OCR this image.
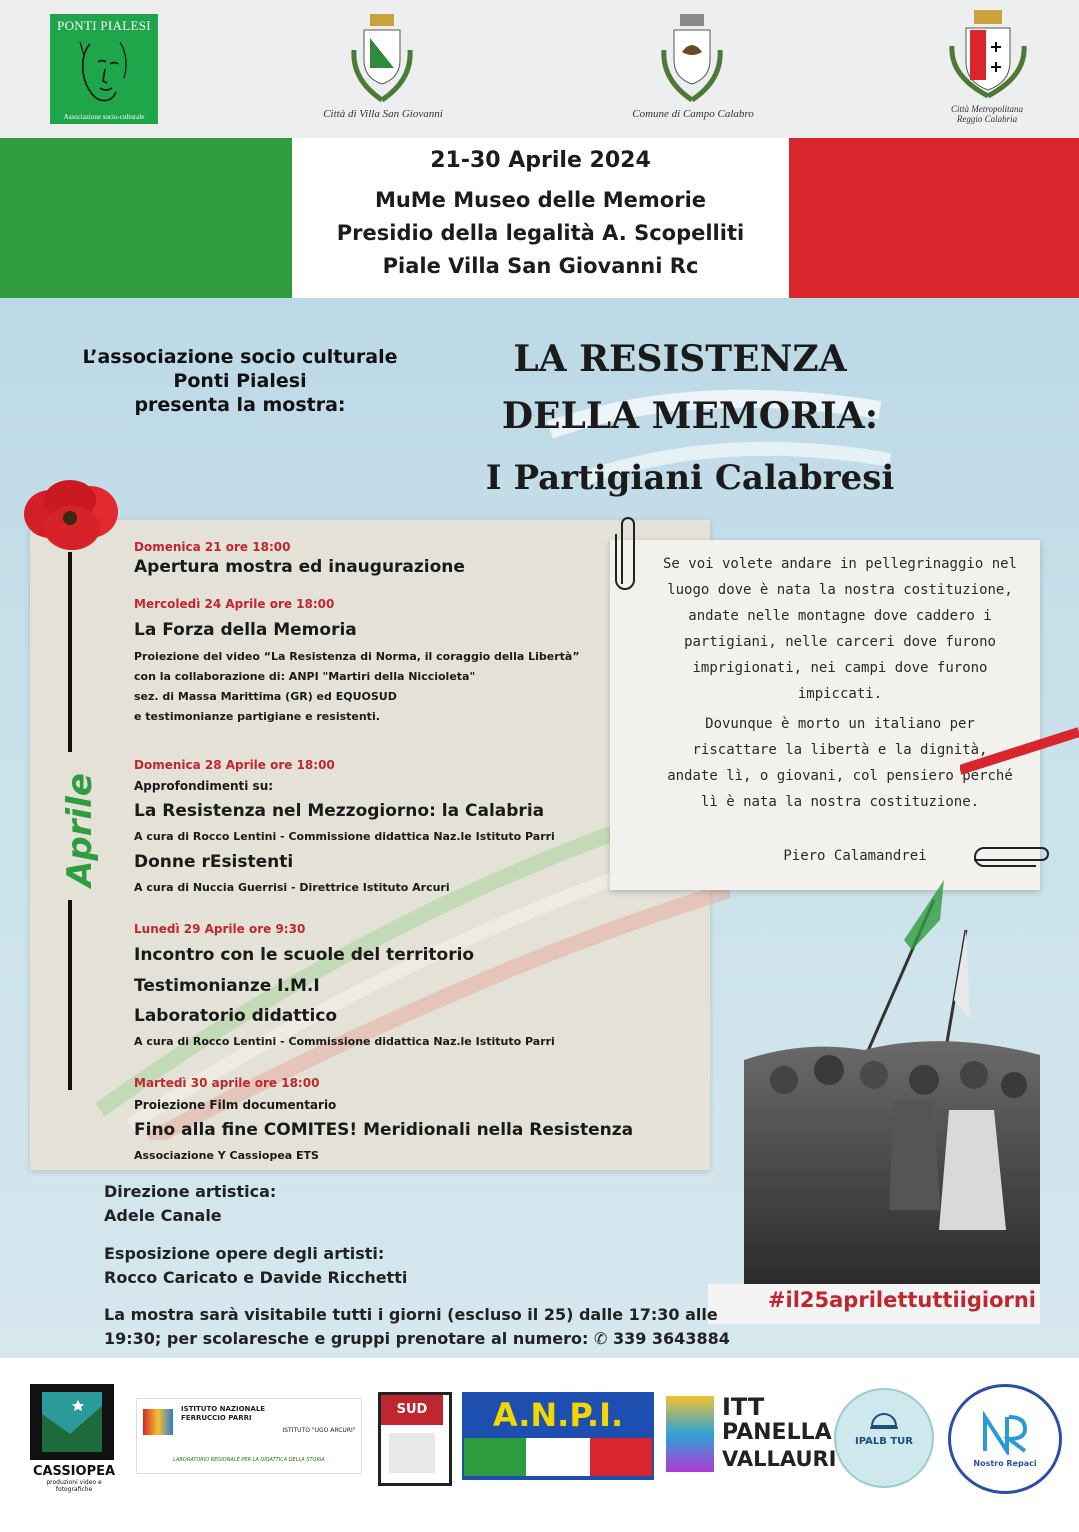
PONTI PIALESI
Associazione socio-culturale	Città di Villa San Giovanni	Comune di Campo Calabro	Città Metropolitana
Reggio Calabria
21-30 Aprile 2024
MuMe Museo delle Memorie
Presidio della legalità A. Scopelliti
Piale Villa San Giovanni Rc
L’associazione socio culturale
Ponti Pialesi
presenta la mostra:
LA RESISTENZA
DELLA MEMORIA:
I Partigiani Calabresi
Aprile
Domenica 21 ore 18:00
Apertura mostra ed inaugurazione
Mercoledì 24 Aprile ore 18:00
La Forza della Memoria
Proiezione del video “La Resistenza di Norma, il coraggio della Libertà”
con la collaborazione di: ANPI "Martiri della Niccioleta"
sez. di Massa Marittima (GR) ed EQUOSUD
e testimonianze partigiane e resistenti.
Domenica 28 Aprile ore 18:00
Approfondimenti su:
La Resistenza nel Mezzogiorno: la Calabria
A cura di Rocco Lentini - Commissione didattica Naz.le Istituto Parri
Donne rEsistenti
A cura di Nuccia Guerrisi - Direttrice Istituto Arcuri
Lunedì 29 Aprile ore 9:30
Incontro con le scuole del territorio
Testimonianze I.M.I
Laboratorio didattico
A cura di Rocco Lentini - Commissione didattica Naz.le Istituto Parri
Martedì 30 aprile ore 18:00
Proiezione Film documentario
Fino alla fine COMITES! Meridionali nella Resistenza
Associazione Y Cassiopea ETS
Se voi volete andare in pellegrinaggio nel
luogo dove è nata la nostra costituzione,
andate nelle montagne dove caddero i
partigiani, nelle carceri dove furono
imprigionati, nei campi dove furono
impiccati.
Dovunque è morto un italiano per
riscattare la libertà e la dignità,
andate lì, o giovani, col pensiero perché
lì è nata la nostra costituzione.
Piero Calamandrei
#il25aprilettuttiigiorni
Direzione artistica:
Adele Canale
Esposizione opere degli artisti:
Rocco Caricato e Davide Ricchetti
La mostra sarà visitabile tutti i giorni (escluso il 25) dalle 17:30 alle
19:30; per scolaresche e gruppi prenotare al numero: ✆ 339 3643884
CASSIOPEA
produzioni video e fotografiche
ISTITUTO NAZIONALE FERRUCCIO PARRI
ISTITUTO "UGO ARCURI"
LABORATORIO REGIONALE PER LA DIDATTICA DELLA STORIA
SUD	A.N.P.I.	ITT
PANELLA
VALLAURI
IPALB TUR
Nostro Repaci
